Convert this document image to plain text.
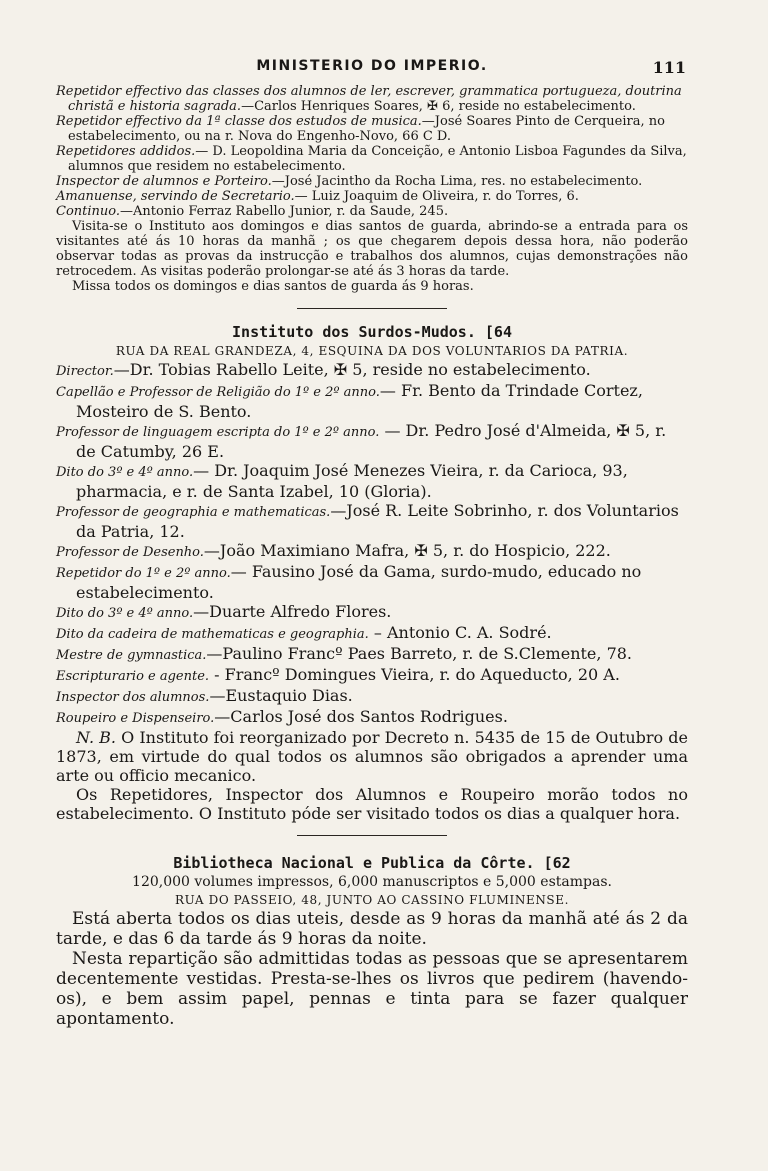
MINISTERIO DO IMPERIO.	111

Repetidor effectivo das classes dos alumnos de ler, escrever, grammatica portugueza, doutrina christã e historia sagrada.—Carlos Henriques Soares, ✠ 6, reside no estabelecimento.

Repetidor effectivo da 1ª classe dos estudos de musica.—José Soares Pinto de Cerqueira, no estabelecimento, ou na r. Nova do Engenho-Novo, 66 C D.

Repetidores addidos.— D. Leopoldina Maria da Conceição, e Antonio Lisboa Fagundes da Silva, alumnos que residem no estabelecimento.

Inspector de alumnos e Porteiro.—José Jacintho da Rocha Lima, res. no estabelecimento.

Amanuense, servindo de Secretario.— Luiz Joaquim de Oliveira, r. do Torres, 6.

Continuo.—Antonio Ferraz Rabello Junior, r. da Saude, 245.

Visita-se o Instituto aos domingos e dias santos de guarda, abrindo-se a entrada para os visitantes até ás 10 horas da manhã ; os que chegarem depois dessa hora, não poderão observar todas as provas da instrucção e trabalhos dos alumnos, cujas demonstrações não retrocedem. As visitas poderão prolongar-se até ás 3 horas da tarde.

Missa todos os domingos e dias santos de guarda ás 9 horas.

Instituto dos Surdos-Mudos. [64
RUA DA REAL GRANDEZA, 4, ESQUINA DA DOS VOLUNTARIOS DA PATRIA.

Director.—Dr. Tobias Rabello Leite, ✠ 5, reside no estabelecimento.

Capellão e Professor de Religião do 1º e 2º anno.— Fr. Bento da Trindade Cortez, Mosteiro de S. Bento.

Professor de linguagem escripta do 1º e 2º anno. — Dr. Pedro José d'Almeida, ✠ 5, r. de Catumby, 26 E.

Dito do 3º e 4º anno.— Dr. Joaquim José Menezes Vieira, r. da Carioca, 93, pharmacia, e r. de Santa Izabel, 10 (Gloria).

Professor de geographia e mathematicas.—José R. Leite Sobrinho, r. dos Voluntarios da Patria, 12.

Professor de Desenho.—João Maximiano Mafra, ✠ 5, r. do Hospicio, 222.

Repetidor do 1º e 2º anno.— Fausino José da Gama, surdo-mudo, educado no estabelecimento.

Dito do 3º e 4º anno.—Duarte Alfredo Flores.

Dito da cadeira de mathematicas e geographia. – Antonio C. A. Sodré.

Mestre de gymnastica.—Paulino Francº Paes Barreto, r. de S.Clemente, 78.

Escripturario e agente. - Francº Domingues Vieira, r. do Aqueducto, 20 A.

Inspector dos alumnos.—Eustaquio Dias.

Roupeiro e Dispenseiro.—Carlos José dos Santos Rodrigues.

N. B. O Instituto foi reorganizado por Decreto n. 5435 de 15 de Outubro de 1873, em virtude do qual todos os alumnos são obrigados a aprender uma arte ou officio mecanico.

Os Repetidores, Inspector dos Alumnos e Roupeiro morão todos no estabelecimento. O Instituto póde ser visitado todos os dias a qualquer hora.

Bibliotheca Nacional e Publica da Côrte. [62
120,000 volumes impressos, 6,000 manuscriptos e 5,000 estampas.
RUA DO PASSEIO, 48, JUNTO AO CASSINO FLUMINENSE.

Está aberta todos os dias uteis, desde as 9 horas da manhã até ás 2 da tarde, e das 6 da tarde ás 9 horas da noite.

Nesta repartição são admittidas todas as pessoas que se apresentarem decentemente vestidas. Presta-se-lhes os livros que pedirem (havendo-os), e bem assim papel, pennas e tinta para se fazer qualquer apontamento.
